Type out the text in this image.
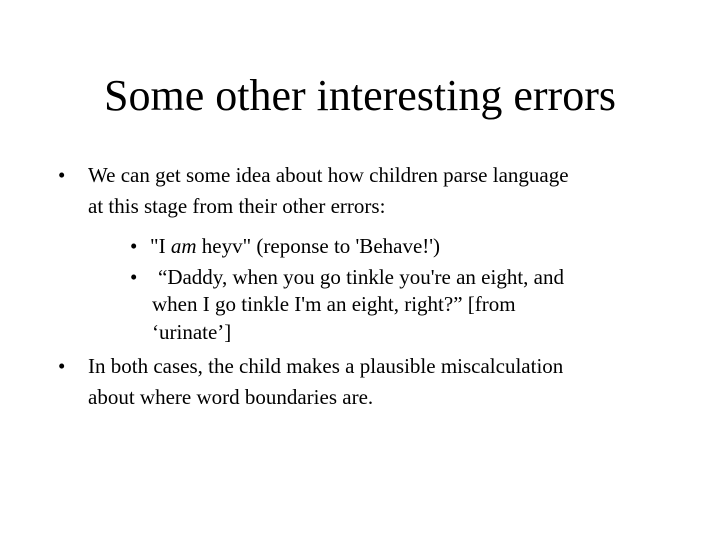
Some other interesting errors
• We can get some idea about how children parse language
at this stage from their other errors:
• "I am heyv" (reponse to 'Behave!')
• “Daddy, when you go tinkle you're an eight, and
when I go tinkle I'm an eight, right?” [from
‘urinate’]
• In both cases, the child makes a plausible miscalculation
about where word boundaries are.
